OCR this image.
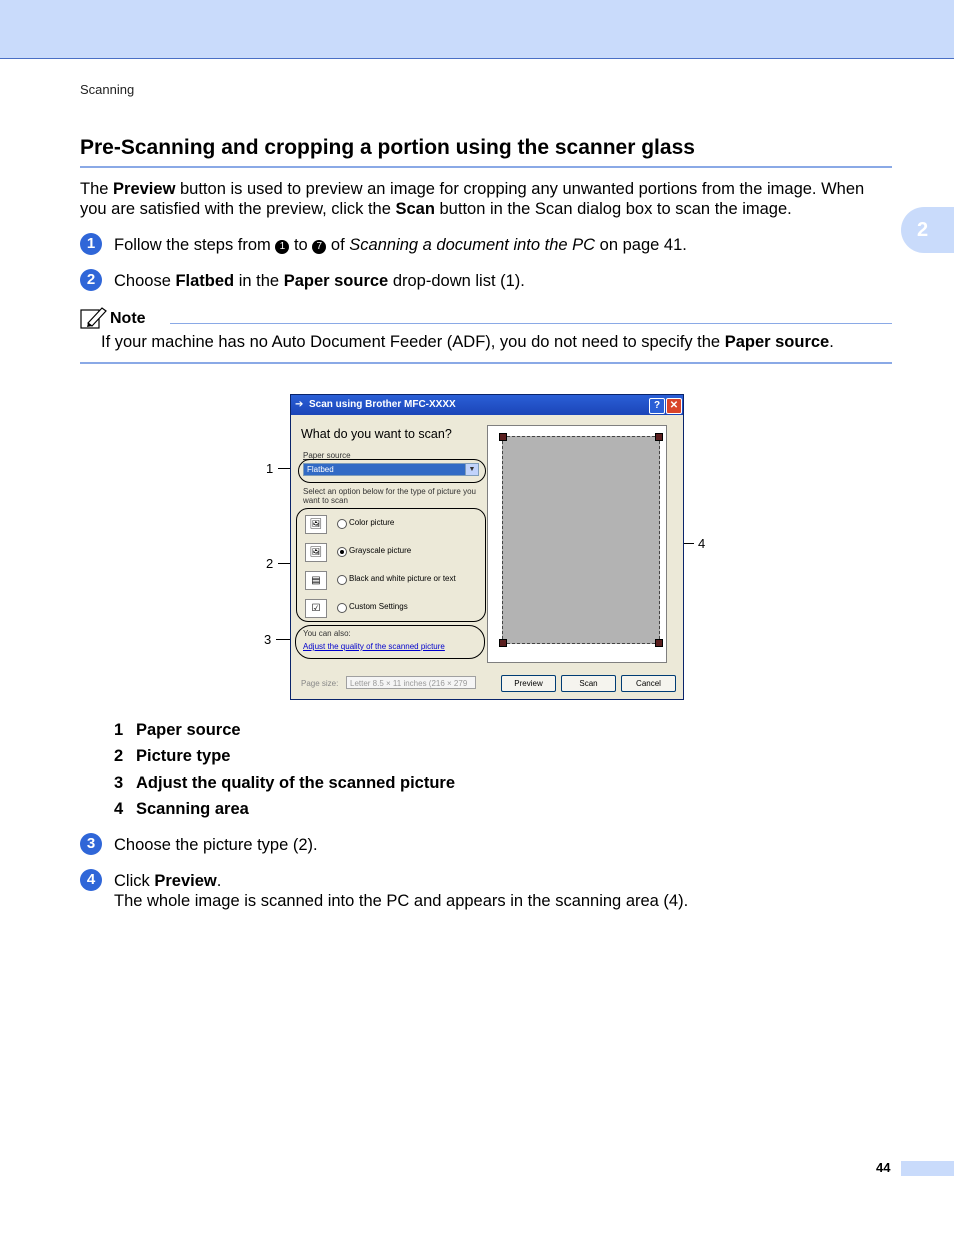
Scanning
2
Pre-Scanning and cropping a portion using the scanner glass
The Preview button is used to preview an image for cropping any unwanted portions from the image. When you are satisfied with the preview, click the Scan button in the Scan dialog box to scan the image.
1	Follow the steps from 1 to 7 of Scanning a document into the PC on page 41.
2	Choose Flatbed in the Paper source drop-down list (1).
Note
If your machine has no Auto Document Feeder (ADF), you do not need to specify the Paper source.
1
2
3
4
➔ Scan using Brother MFC-XXXX	? ✕
What do you want to scan?
Paper source
Flatbed	▼
Select an option below for the type of picture you want to scan
🖼	Color picture
🖼	Grayscale picture
▤	Black and white picture or text
☑	Custom Settings
You can also:
Adjust the quality of the scanned picture
Page size:	Letter 8.5 × 11 inches (216 × 279	Preview	Scan	Cancel
1 Paper source
2 Picture type
3 Adjust the quality of the scanned picture
4 Scanning area
3	Choose the picture type (2).
4	Click Preview.
The whole image is scanned into the PC and appears in the scanning area (4).
44
